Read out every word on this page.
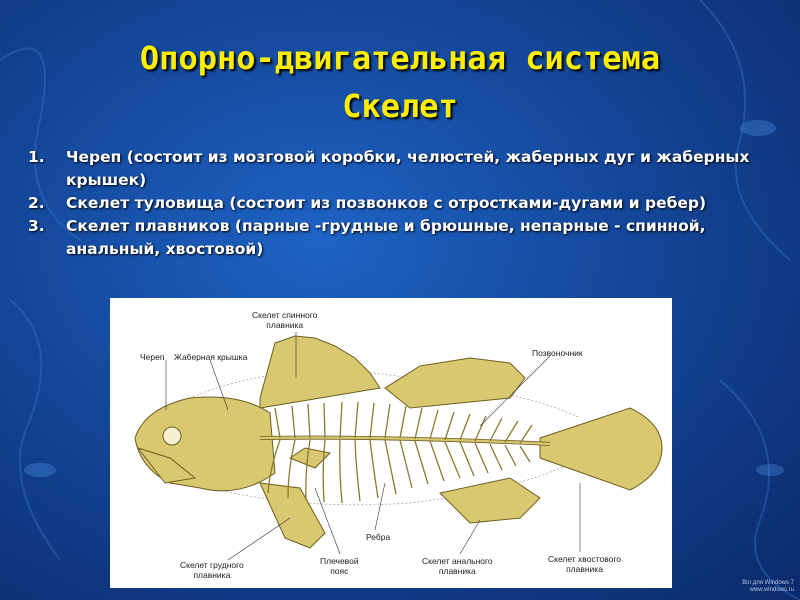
Опорно-двигательная система
Скелет
1. Череп (состоит из мозговой коробки, челюстей, жаберных дуг и жаберных крышек)
2. Скелет туловища (состоит из позвонков с отростками-дугами и ребер)
3. Скелет плавников (парные -грудные и брюшные, непарные - спинной, анальный, хвостовой)
Скелет спинного
плавника
Череп Жаберная крышка	Позвоночник
Ребра
Скелет грудного
плавника
Плечевой
пояс
Скелет анального
плавника
Скелет хвостового
плавника
Віл для Windows 7
www.windows.ru
